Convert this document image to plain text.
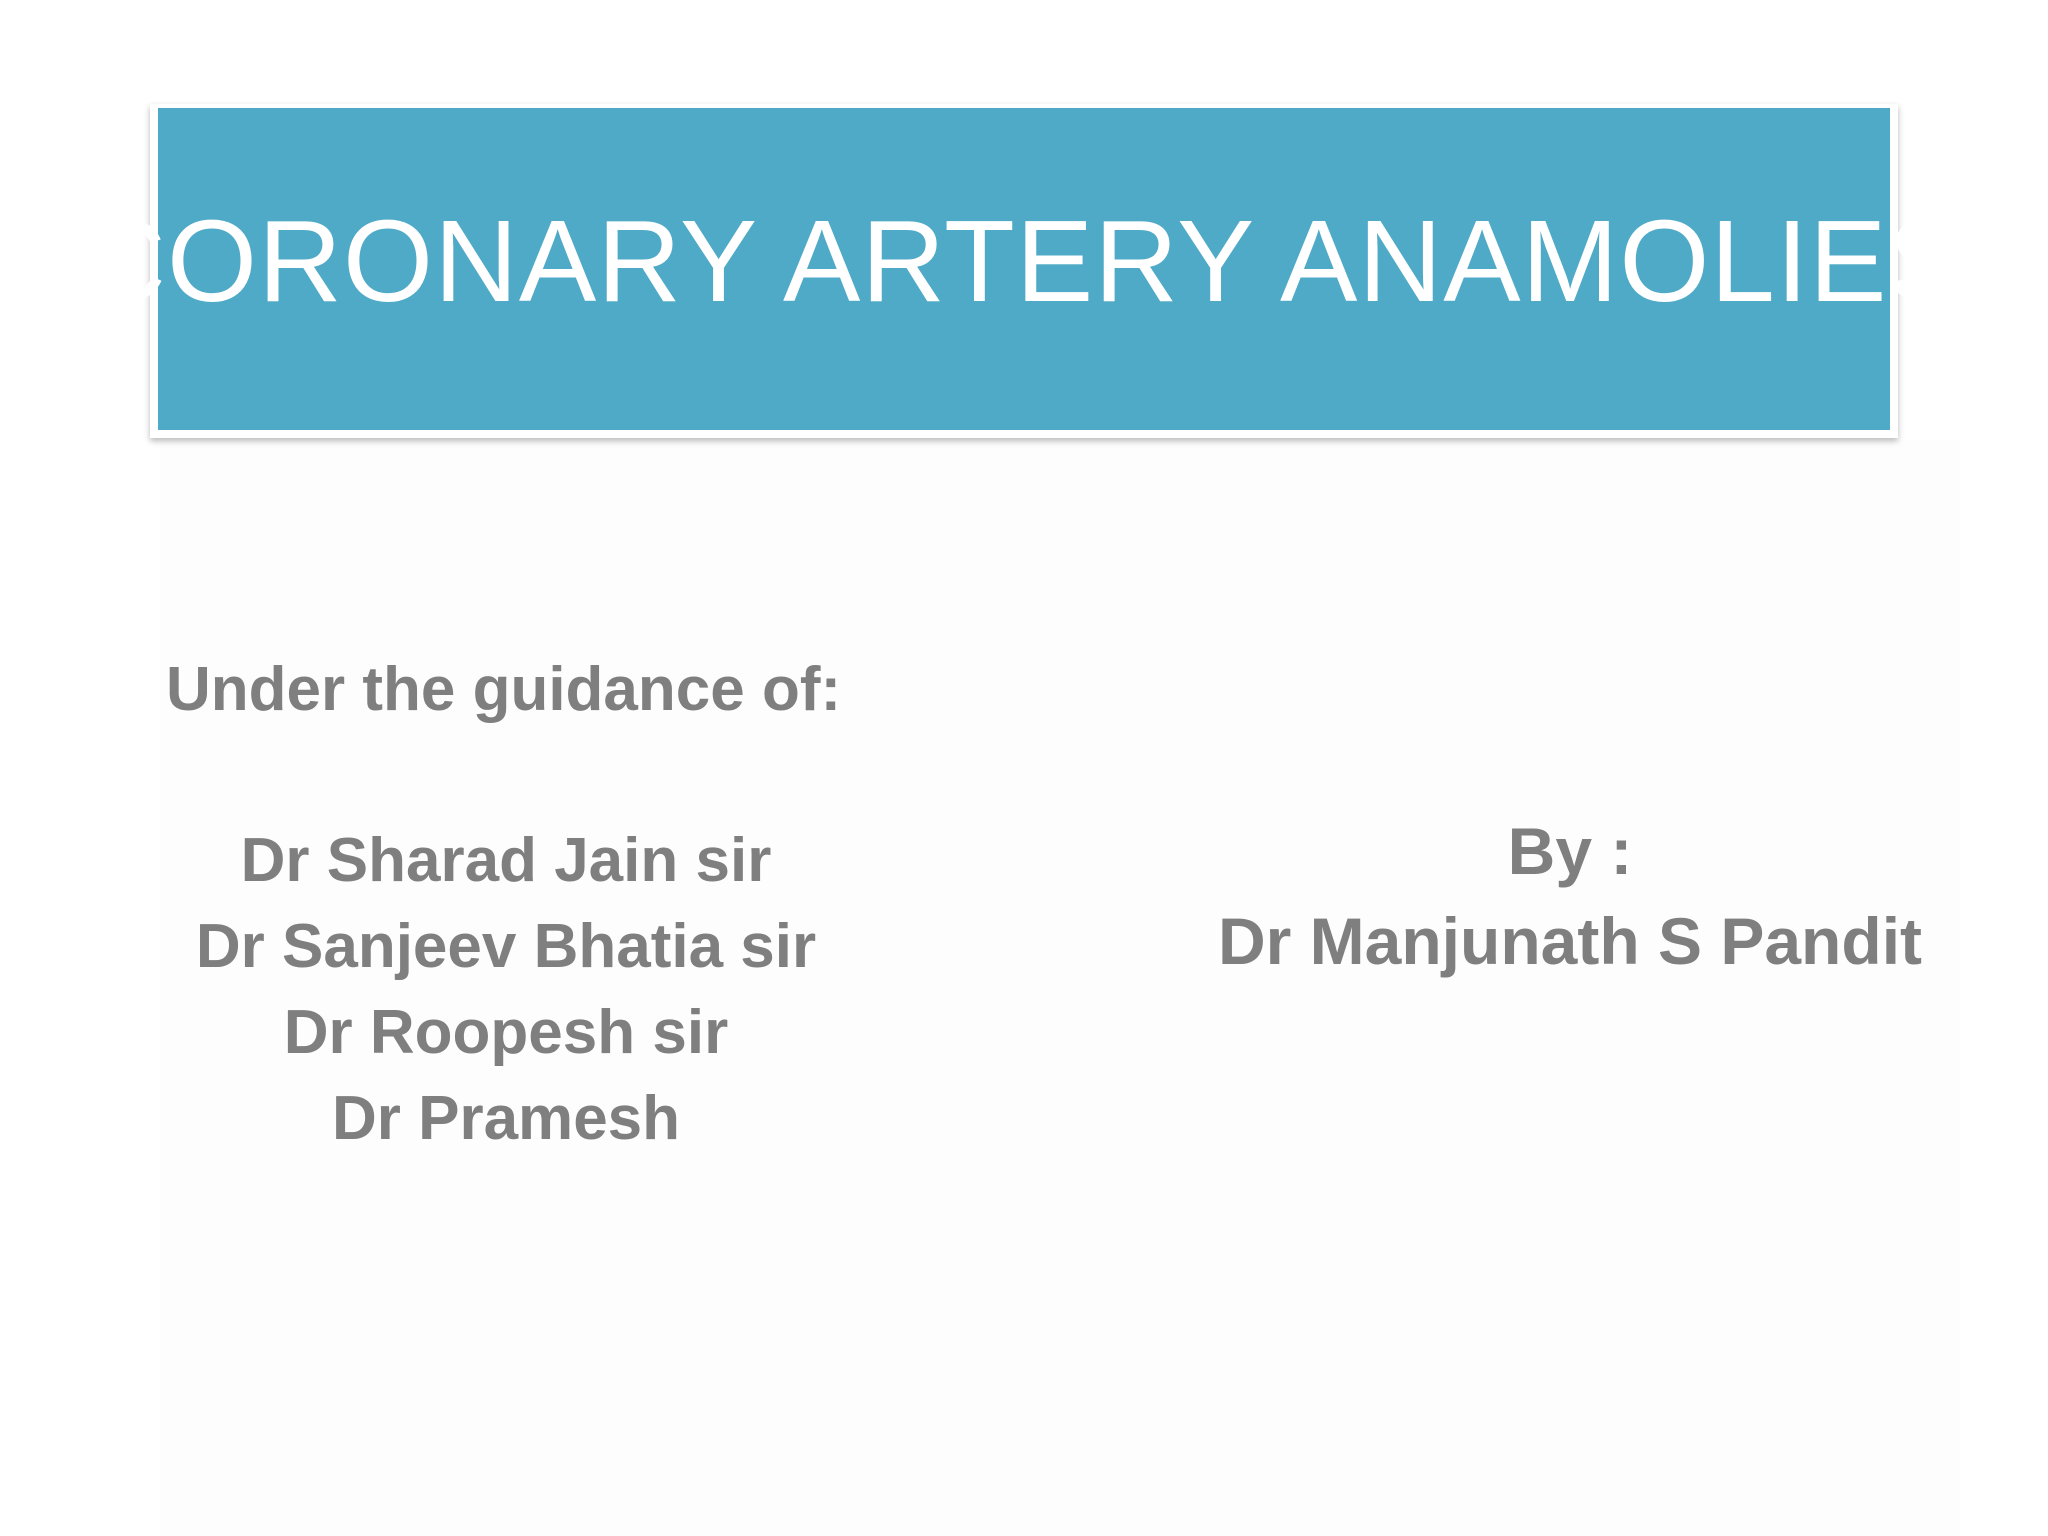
CORONARY ARTERY ANAMOLIES
Under the guidance of:
Dr Sharad Jain sir
Dr Sanjeev Bhatia sir
Dr Roopesh sir
Dr Pramesh
By :
Dr Manjunath S Pandit
